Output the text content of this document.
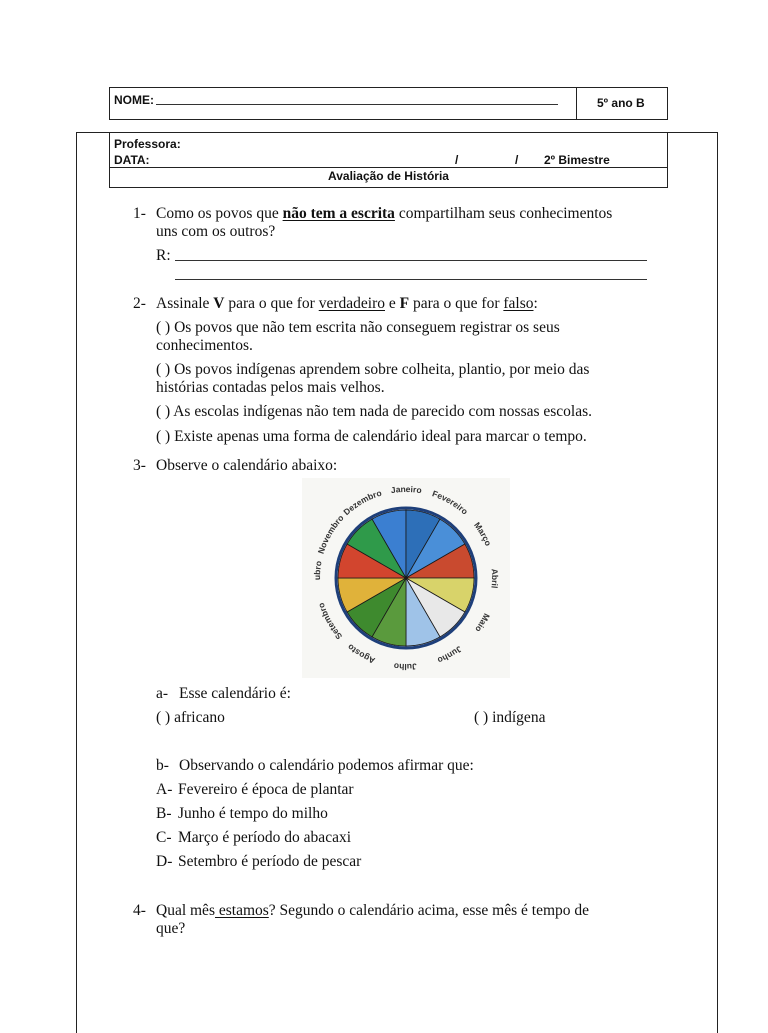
NOME:	5º ano B
Professora:
DATA:	/	/ 2º Bimestre
Avaliação de História
1- Como os povos que não tem a escrita compartilham seus conhecimentos
uns com os outros?
R:
2- Assinale V para o que for verdadeiro e F para o que for falso:
( ) Os povos que não tem escrita não conseguem registrar os seus
conhecimentos.
( ) Os povos indígenas aprendem sobre colheita, plantio, por meio das
histórias contadas pelos mais velhos.
( ) As escolas indígenas não tem nada de parecido com nossas escolas.
( ) Existe apenas uma forma de calendário ideal para marcar o tempo.
3- Observe o calendário abaixo:
Janeiro Fevereiro
Março
Abril
Maio
Junho
Julho
Agosto
Setembro
ubro
Novembro
Dezembro
a- Esse calendário é:
( ) africano	( ) indígena
b- Observando o calendário podemos afirmar que:
A- Fevereiro é época de plantar
B- Junho é tempo do milho
C- Março é período do abacaxi
D- Setembro é período de pescar
4- Qual mês estamos? Segundo o calendário acima, esse mês é tempo de
que?
